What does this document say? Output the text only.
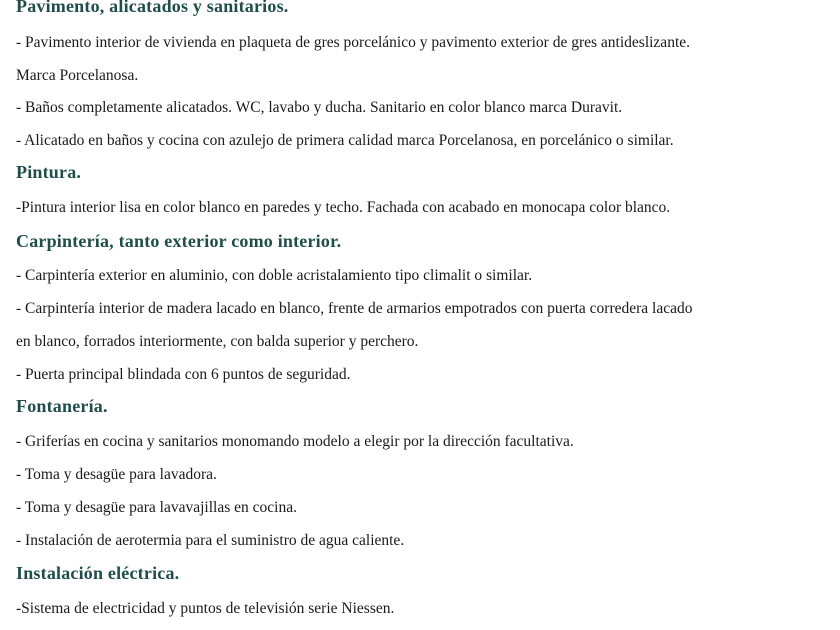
Pavimento, alicatados y sanitarios.
- Pavimento interior de vivienda en plaqueta de gres porcelánico y pavimento exterior de gres antideslizante.
Marca Porcelanosa.
- Baños completamente alicatados. WC, lavabo y ducha. Sanitario en color blanco marca Duravit.
- Alicatado en baños y cocina con azulejo de primera calidad marca Porcelanosa, en porcelánico o similar.
Pintura.
-Pintura interior lisa en color blanco en paredes y techo. Fachada con acabado en monocapa color blanco.
Carpintería, tanto exterior como interior.
- Carpintería exterior en aluminio, con doble acristalamiento tipo climalit o similar.
- Carpintería interior de madera lacado en blanco, frente de armarios empotrados con puerta corredera lacado
en blanco, forrados interiormente, con balda superior y perchero.
- Puerta principal blindada con 6 puntos de seguridad.
Fontanería.
- Griferías en cocina y sanitarios monomando modelo a elegir por la dirección facultativa.
- Toma y desagüe para lavadora.
- Toma y desagüe para lavavajillas en cocina.
- Instalación de aerotermia para el suministro de agua caliente.
Instalación eléctrica.
-Sistema de electricidad y puntos de televisión serie Niessen.
